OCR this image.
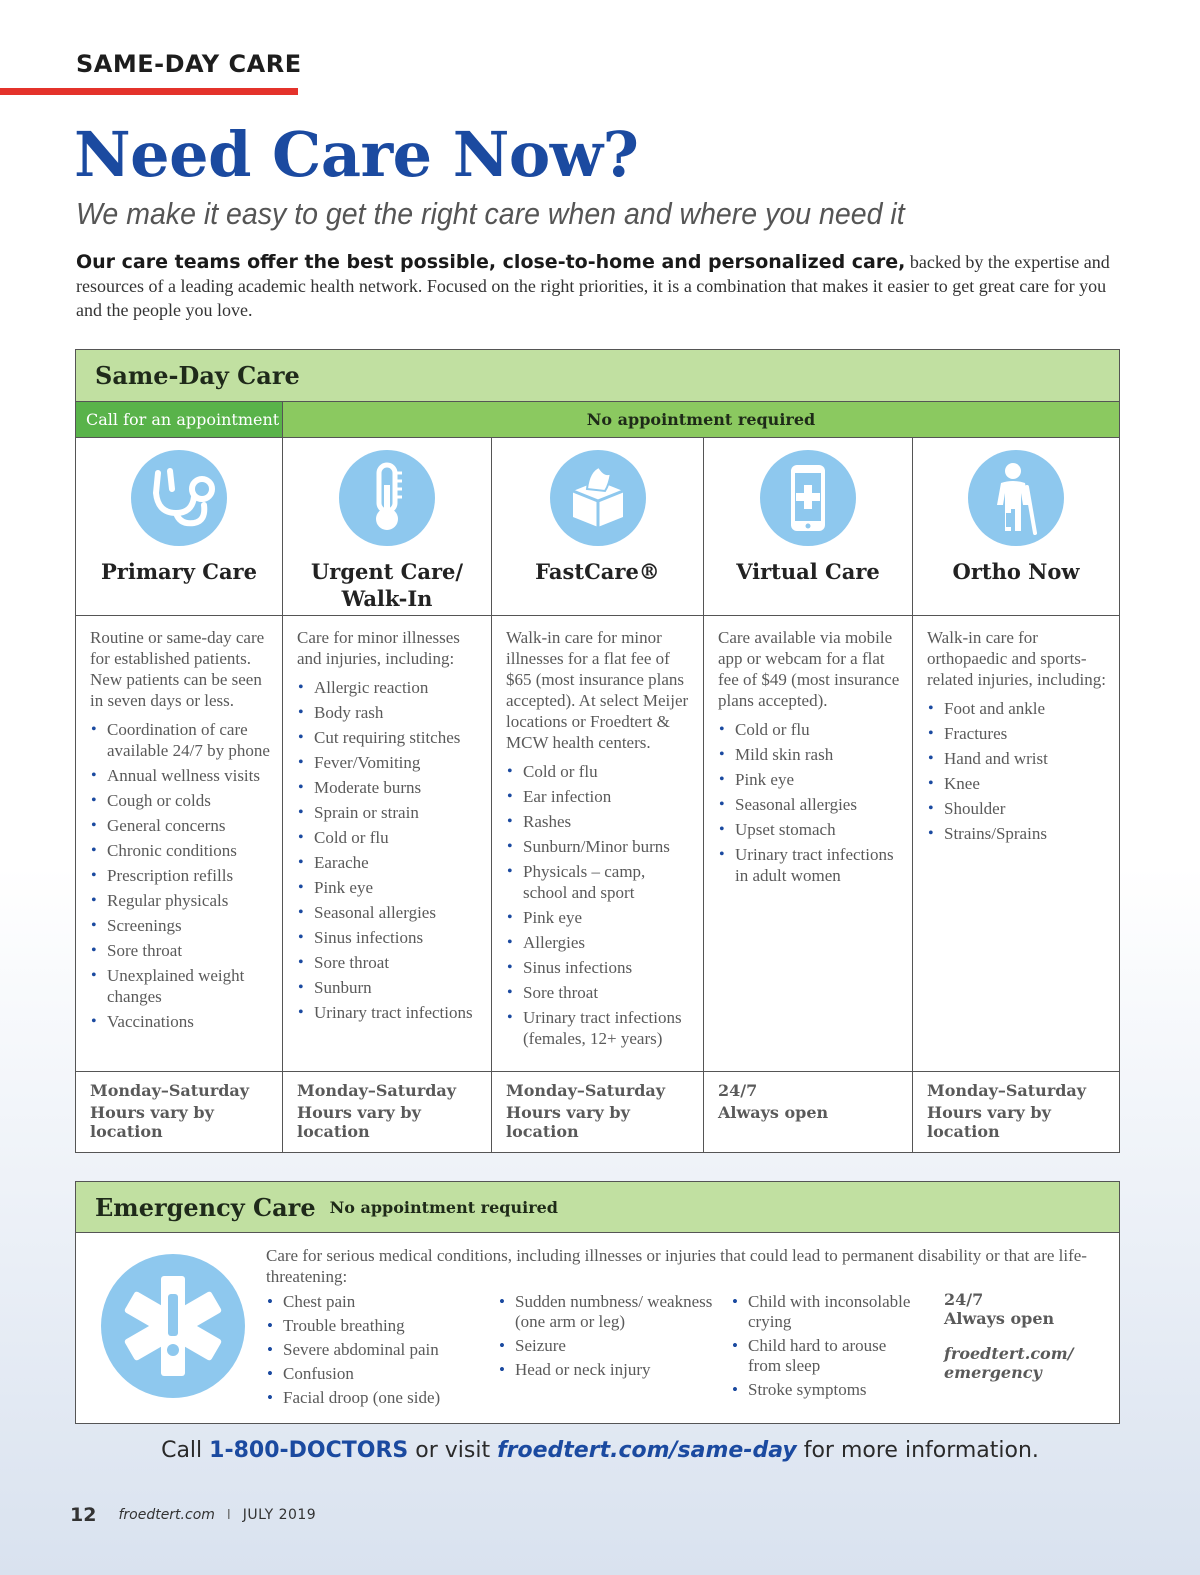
SAME-DAY CARE
Need Care Now?
We make it easy to get the right care when and where you need it

Our care teams offer the best possible, close-to-home and personalized care, backed by the expertise and resources of a leading academic health network. Focused on the right priorities, it is a combination that makes it easier to get great care for you and the people you love.

Same-Day Care
Call for an appointment	No appointment required
Primary Care

Routine or same-day care for established patients. New patients can be seen in seven days or less.

• Coordination of care available 24/7 by phone
• Annual wellness visits
• Cough or colds
• General concerns
• Chronic conditions
• Prescription refills
• Regular physicals
• Screenings
• Sore throat
• Unexplained weight changes
• Vaccinations
Monday–Saturday
Hours vary by location
Urgent Care/ Walk-In

Care for minor illnesses and injuries, including:

• Allergic reaction
• Body rash
• Cut requiring stitches
• Fever/Vomiting
• Moderate burns
• Sprain or strain
• Cold or flu
• Earache
• Pink eye
• Seasonal allergies
• Sinus infections
• Sore throat
• Sunburn
• Urinary tract infections
Monday–Saturday
Hours vary by location
FastCare®

Walk-in care for minor illnesses for a flat fee of $65 (most insurance plans accepted). At select Meijer locations or Froedtert & MCW health centers.

• Cold or flu
• Ear infection
• Rashes
• Sunburn/Minor burns
• Physicals – camp, school and sport
• Pink eye
• Allergies
• Sinus infections
• Sore throat
• Urinary tract infections (females, 12+ years)
Monday–Saturday
Hours vary by location
Virtual Care

Care available via mobile app or webcam for a flat fee of $49 (most insurance plans accepted).

• Cold or flu
• Mild skin rash
• Pink eye
• Seasonal allergies
• Upset stomach
• Urinary tract infections in adult women
24/7
Always open
Ortho Now

Walk-in care for orthopaedic and sports-related injuries, including:

• Foot and ankle
• Fractures
• Hand and wrist
• Knee
• Shoulder
• Strains/Sprains
Monday–Saturday
Hours vary by location
Emergency Care No appointment required
Care for serious medical conditions, including illnesses or injuries that could lead to permanent disability or that are life-threatening:
• Chest pain
• Trouble breathing
• Severe abdominal pain
• Confusion
• Facial droop (one side)
• Sudden numbness/ weakness (one arm or leg)
• Seizure
• Head or neck injury
• Child with inconsolable crying
• Child hard to arouse from sleep
• Stroke symptoms
24/7
Always open
froedtert.com/
emergency
Call 1-800-DOCTORS or visit froedtert.com/same-day for more information.
12 froedtert.com I JULY 2019
